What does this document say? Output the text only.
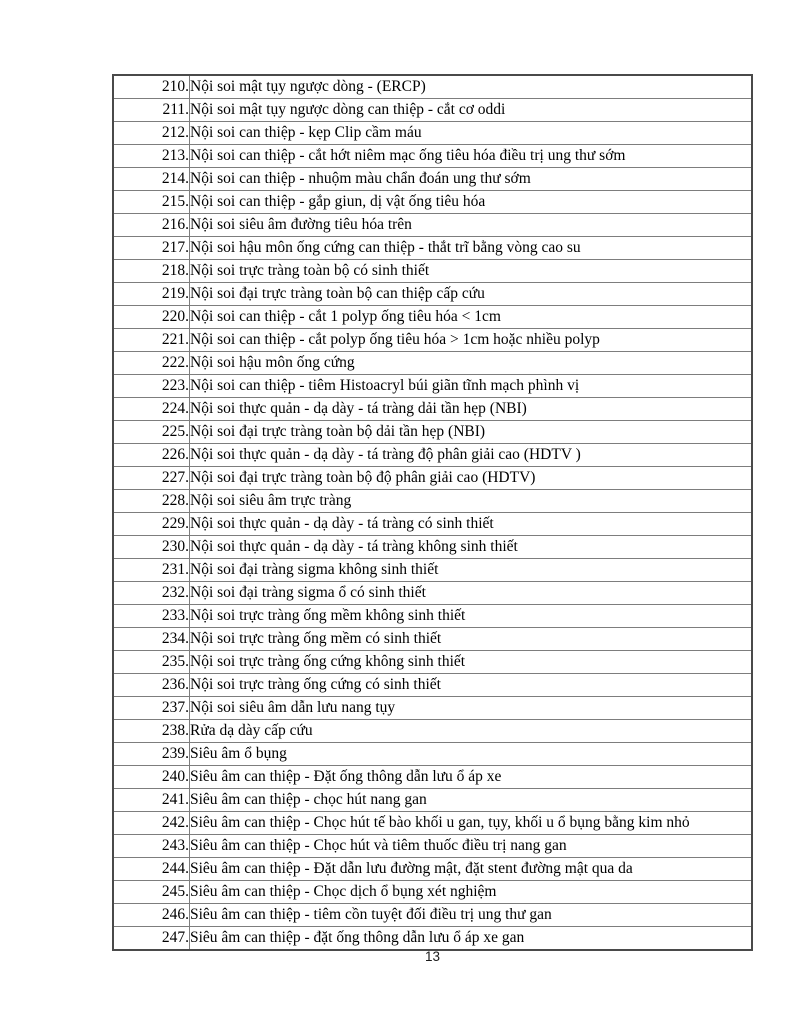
210.	Nội soi mật tụy ngược dòng - (ERCP)
211.	Nội soi mật tụy ngược dòng can thiệp - cắt cơ oddi
212.	Nội soi can thiệp - kẹp Clip cầm máu
213.	Nội soi can thiệp - cắt hớt niêm mạc ống tiêu hóa điều trị ung thư sớm
214.	Nội soi can thiệp - nhuộm màu chẩn đoán ung thư sớm
215.	Nội soi can thiệp - gắp giun, dị vật ống tiêu hóa
216.	Nội soi siêu âm đường tiêu hóa trên
217.	Nội soi hậu môn ống cứng can thiệp - thắt trĩ bằng vòng cao su
218.	Nội soi trực tràng toàn bộ có sinh thiết
219.	Nội soi đại trực tràng toàn bộ can thiệp cấp cứu
220.	Nội soi can thiệp - cắt 1 polyp ống tiêu hóa < 1cm
221.	Nội soi can thiệp - cắt polyp ống tiêu hóa > 1cm hoặc nhiều polyp
222.	Nội soi hậu môn ống cứng
223.	Nội soi can thiệp - tiêm Histoacryl búi giãn tĩnh mạch phình vị
224.	Nội soi thực quản - dạ dày - tá tràng dải tần hẹp (NBI)
225.	Nội soi đại trực tràng toàn bộ dải tần hẹp (NBI)
226.	Nội soi thực quản - dạ dày - tá tràng độ phân giải cao (HDTV )
227.	Nội soi đại trực tràng toàn bộ độ phân giải cao (HDTV)
228.	Nội soi siêu âm trực tràng
229.	Nội soi thực quản - dạ dày - tá tràng có sinh thiết
230.	Nội soi thực quản - dạ dày - tá tràng không sinh thiết
231.	Nội soi đại tràng sigma không sinh thiết
232.	Nội soi đại tràng sigma ổ có sinh thiết
233.	Nội soi trực tràng ống mềm không sinh thiết
234.	Nội soi trực tràng ống mềm có sinh thiết
235.	Nội soi trực tràng ống cứng không sinh thiết
236.	Nội soi trực tràng ống cứng có sinh thiết
237.	Nội soi siêu âm dẫn lưu nang tụy
238.	Rửa dạ dày cấp cứu
239.	Siêu âm ổ bụng
240.	Siêu âm can thiệp - Đặt ống thông dẫn lưu ổ áp xe
241.	Siêu âm can thiệp - chọc hút nang gan
242.	Siêu âm can thiệp - Chọc hút tế bào khối u gan, tụy, khối u ổ bụng bằng kim nhỏ
243.	Siêu âm can thiệp - Chọc hút và tiêm thuốc điều trị nang gan
244.	Siêu âm can thiệp - Đặt dẫn lưu đường mật, đặt stent đường mật qua da
245.	Siêu âm can thiệp - Chọc dịch ổ bụng xét nghiệm
246.	Siêu âm can thiệp - tiêm cồn tuyệt đối điều trị ung thư gan
247.	Siêu âm can thiệp - đặt ống thông dẫn lưu ổ áp xe gan
13
